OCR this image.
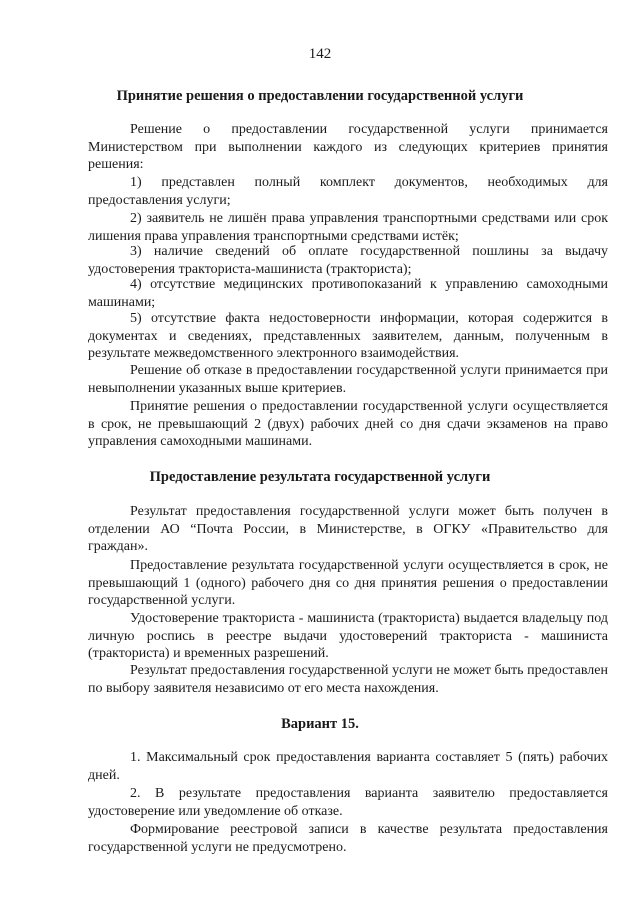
142
Принятие решения о предоставлении государственной услуги

Решение о предоставлении государственной услуги принимается Министерством при выполнении каждого из следующих критериев принятия решения:

1) представлен полный комплект документов, необходимых для предоставления услуги;

2) заявитель не лишён права управления транспортными средствами или срок лишения права управления транспортными средствами истёк;

3) наличие сведений об оплате государственной пошлины за выдачу удостоверения тракториста-машиниста (тракториста);

4) отсутствие медицинских противопоказаний к управлению самоходными машинами;

5) отсутствие факта недостоверности информации, которая содержится в документах и сведениях, представленных заявителем, данным, полученным в результате межведомственного электронного взаимодействия.

Решение об отказе в предоставлении государственной услуги принимается при невыполнении указанных выше критериев.

Принятие решения о предоставлении государственной услуги осуществляется в срок, не превышающий 2 (двух) рабочих дней со дня сдачи экзаменов на право управления самоходными машинами.

Предоставление результата государственной услуги

Результат предоставления государственной услуги может быть получен в отделении АО “Почта России, в Министерстве, в ОГКУ «Правительство для граждан».

Предоставление результата государственной услуги осуществляется в срок, не превышающий 1 (одного) рабочего дня со дня принятия решения о предоставлении государственной услуги.

Удостоверение тракториста - машиниста (тракториста) выдается владельцу под личную роспись в реестре выдачи удостоверений тракториста - машиниста (тракториста) и временных разрешений.

Результат предоставления государственной услуги не может быть предоставлен по выбору заявителя независимо от его места нахождения.

Вариант 15.

1. Максимальный срок предоставления варианта составляет 5 (пять) рабочих дней.

2. В результате предоставления варианта заявителю предоставляется удостоверение или уведомление об отказе.

Формирование реестровой записи в качестве результата предоставления государственной услуги не предусмотрено.
